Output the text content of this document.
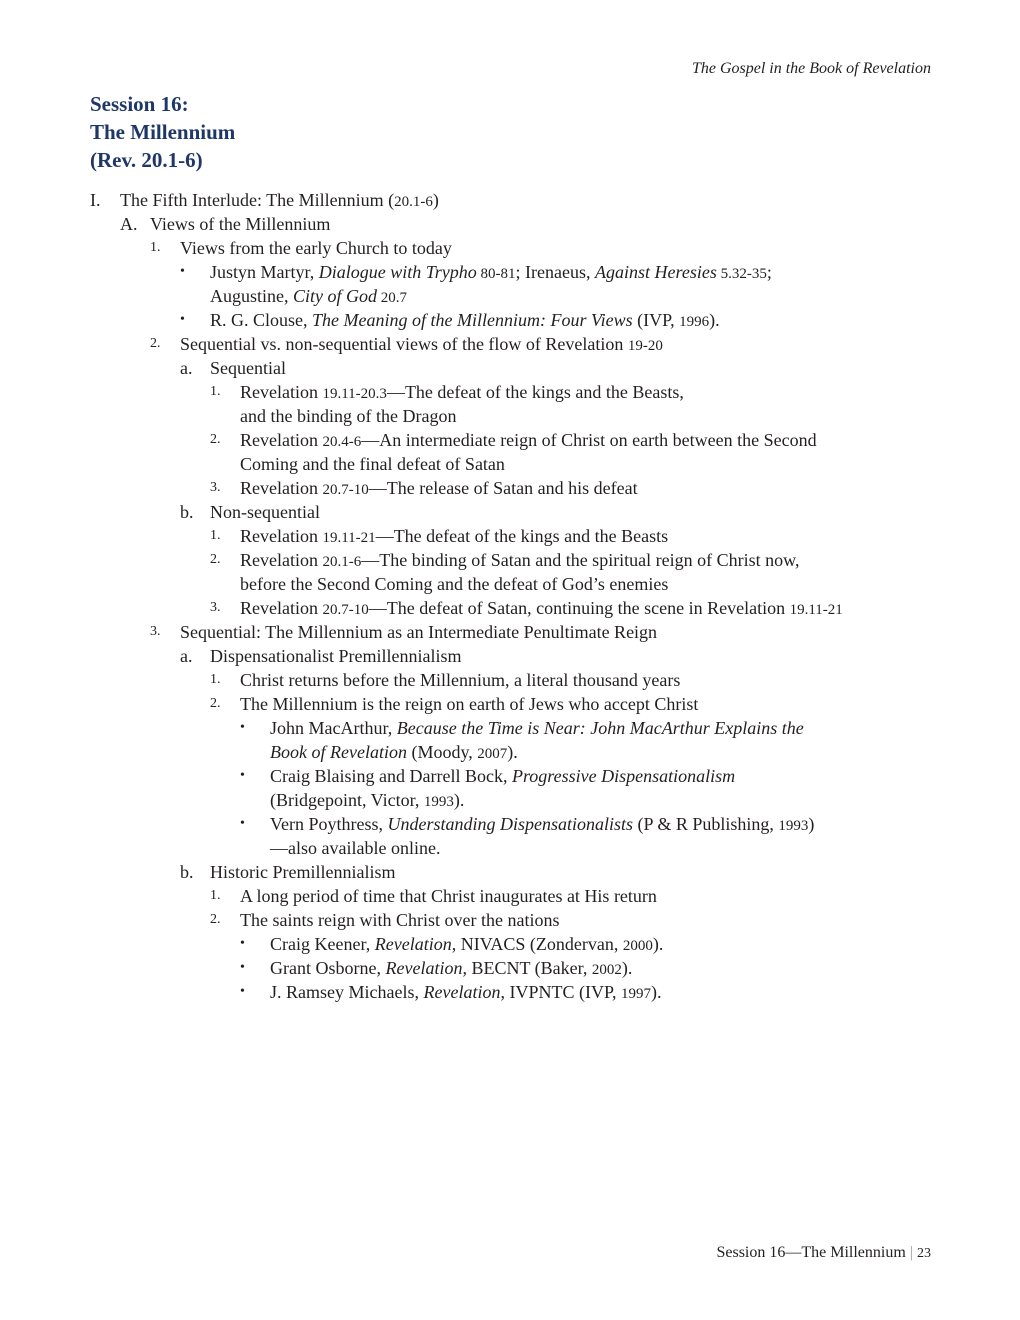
The Gospel in the Book of Revelation

Session 16:
The Millennium
(Rev. 20.1-6)
I. The Fifth Interlude: The Millennium (20.1-6)
A. Views of the Millennium
1. Views from the early Church to today
• Justyn Martyr, Dialogue with Trypho 80-81; Irenaeus, Against Heresies 5.32-35;
Augustine, City of God 20.7
• R. G. Clouse, The Meaning of the Millennium: Four Views (IVP, 1996).
2. Sequential vs. non-sequential views of the flow of Revelation 19-20
a. Sequential
1. Revelation 19.11-20.3—The defeat of the kings and the Beasts,
and the binding of the Dragon
2. Revelation 20.4-6—An intermediate reign of Christ on earth between the Second
Coming and the final defeat of Satan
3. Revelation 20.7-10—The release of Satan and his defeat
b. Non-sequential
1. Revelation 19.11-21—The defeat of the kings and the Beasts
2. Revelation 20.1-6—The binding of Satan and the spiritual reign of Christ now,
before the Second Coming and the defeat of God’s enemies
3. Revelation 20.7-10—The defeat of Satan, continuing the scene in Revelation 19.11-21
3. Sequential: The Millennium as an Intermediate Penultimate Reign
a. Dispensationalist Premillennialism
1. Christ returns before the Millennium, a literal thousand years
2. The Millennium is the reign on earth of Jews who accept Christ
• John MacArthur, Because the Time is Near: John MacArthur Explains the
Book of Revelation (Moody, 2007).
• Craig Blaising and Darrell Bock, Progressive Dispensationalism
(Bridgepoint, Victor, 1993).
• Vern Poythress, Understanding Dispensationalists (P & R Publishing, 1993)
—also available online.
b. Historic Premillennialism
1. A long period of time that Christ inaugurates at His return
2. The saints reign with Christ over the nations
• Craig Keener, Revelation, NIVACS (Zondervan, 2000).
• Grant Osborne, Revelation, BECNT (Baker, 2002).
• J. Ramsey Michaels, Revelation, IVPNTC (IVP, 1997).
Session 16—The Millennium | 23
